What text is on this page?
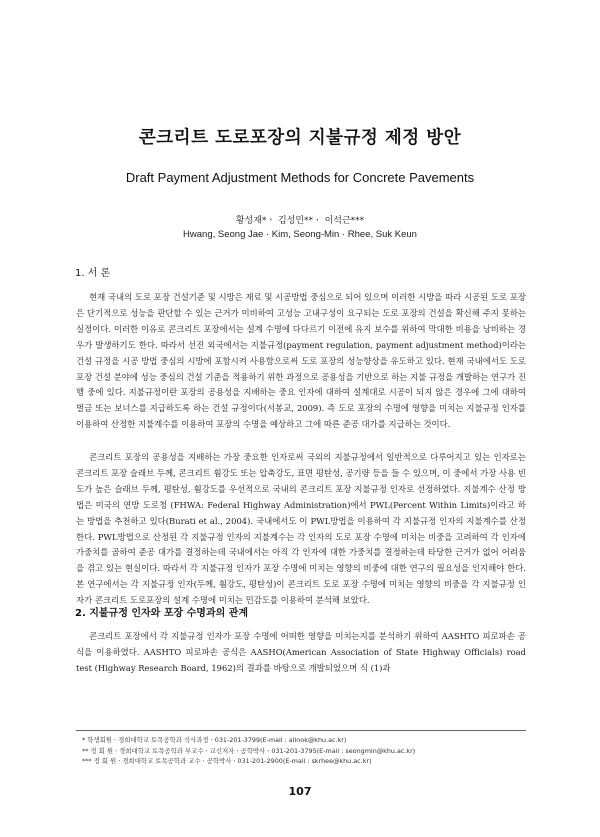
콘크리트 도로포장의 지불규정 제정 방안
Draft Payment Adjustment Methods for Concrete Pavements
황성재*ㆍ 김성민**ㆍ 이석근***
Hwang, Seong Jae · Kim, Seong-Min · Rhee, Suk Keun
1. 서 론

현재 국내의 도로 포장 건설기준 및 시방은 재료 및 시공방법 중심으로 되어 있으며 이러한 시방을 따라 시공된 도로 포장은 단기적으로 성능을 판단할 수 있는 근거가 미비하여 고성능 고내구성이 요구되는 도로 포장의 건설을 확신해 주지 못하는 실정이다. 이러한 이유로 콘크리트 포장에서는 설계 수명에 다다르기 이전에 유지 보수를 위하여 막대한 비용을 낭비하는 경우가 발생하기도 한다. 따라서 선진 외국에서는 지불규정(payment regulation, payment adjustment method)이라는 건설 규정을 시공 방법 중심의 시방에 포함시켜 사용함으로써 도로 포장의 성능향상을 유도하고 있다. 현재 국내에서도 도로 포장 건설 분야에 성능 중심의 건설 기준을 적용하기 위한 과정으로 공용성을 기반으로 하는 지불 규정을 개발하는 연구가 진행 중에 있다. 지불규정이란 포장의 공용성을 지배하는 중요 인자에 대하여 설계대로 시공이 되지 않은 경우에 그에 대하여 벌금 또는 보너스를 지급하도록 하는 건설 규정이다(서봉교, 2009). 즉 도로 포장의 수명에 영향을 미치는 지불규정 인자를 이용하여 산정한 지불계수를 이용하여 포장의 수명을 예상하고 그에 따른 준공 대가를 지급하는 것이다.

콘크리트 포장의 공용성을 지배하는 가장 중요한 인자로써 국외의 지불규정에서 일반적으로 다루어지고 있는 인자로는 콘크리트 포장 슬래브 두께, 콘크리트 휨강도 또는 압축강도, 표면 평탄성, 공기량 등을 들 수 있으며, 이 중에서 가장 사용 빈도가 높은 슬래브 두께, 평탄성, 휨강도를 우선적으로 국내의 콘크리트 포장 지불규정 인자로 선정하였다. 지불계수 산정 방법은 미국의 연방 도로청 (FHWA: Federal Highway Administration)에서 PWL(Percent Within Limits)이라고 하는 방법을 추천하고 있다(Burati et al., 2004). 국내에서도 이 PWL방법을 이용하여 각 지불규정 인자의 지불계수를 산정한다. PWL방법으로 산정된 각 지불규정 인자의 지불계수는 각 인자의 도로 포장 수명에 미치는 비중을 고려하여 각 인자에 가중치를 곱하여 준공 대가를 결정하는데 국내에서는 아직 각 인자에 대한 가중치를 결정하는데 타당한 근거가 없어 어려움을 겪고 있는 현실이다. 따라서 각 지불규정 인자가 포장 수명에 미치는 영향의 비중에 대한 연구의 필요성을 인지해야 한다. 본 연구에서는 각 지불규정 인자(두께, 휨강도, 평탄성)이 콘크리트 도로 포장 수명에 미치는 영향의 비중을 각 지불규정 인자가 콘크리트 도로포장의 설계 수명에 미치는 민감도를 이용하여 분석해 보았다.

2. 지불규정 인자와 포장 수명과의 관계

콘크리트 포장에서 각 지불규정 인자가 포장 수명에 어떠한 영향을 미치는지를 분석하기 위하여 AASHTO 피로파손 공식을 이용하였다. AASHTO 피로파손 공식은 AASHO(American Association of State Highway Officials) road test (Highway Research Board, 1962)의 결과를 바탕으로 개발되었으며 식 (1)과

* 학생회원ㆍ경희대학교 토목공학과 석사과정ㆍ031-201-3799(E-mail : allnok@khu.ac.kr)
** 정 회 원ㆍ경희대학교 토목공학과 부교수ㆍ교신저자ㆍ공학박사ㆍ031-201-3795(E-mail : seongmin@khu.ac.kr)
*** 정 회 원ㆍ경희대학교 토목공학과 교수ㆍ공학박사ㆍ031-201-2900(E-mail : skrhee@khu.ac.kr)
107
